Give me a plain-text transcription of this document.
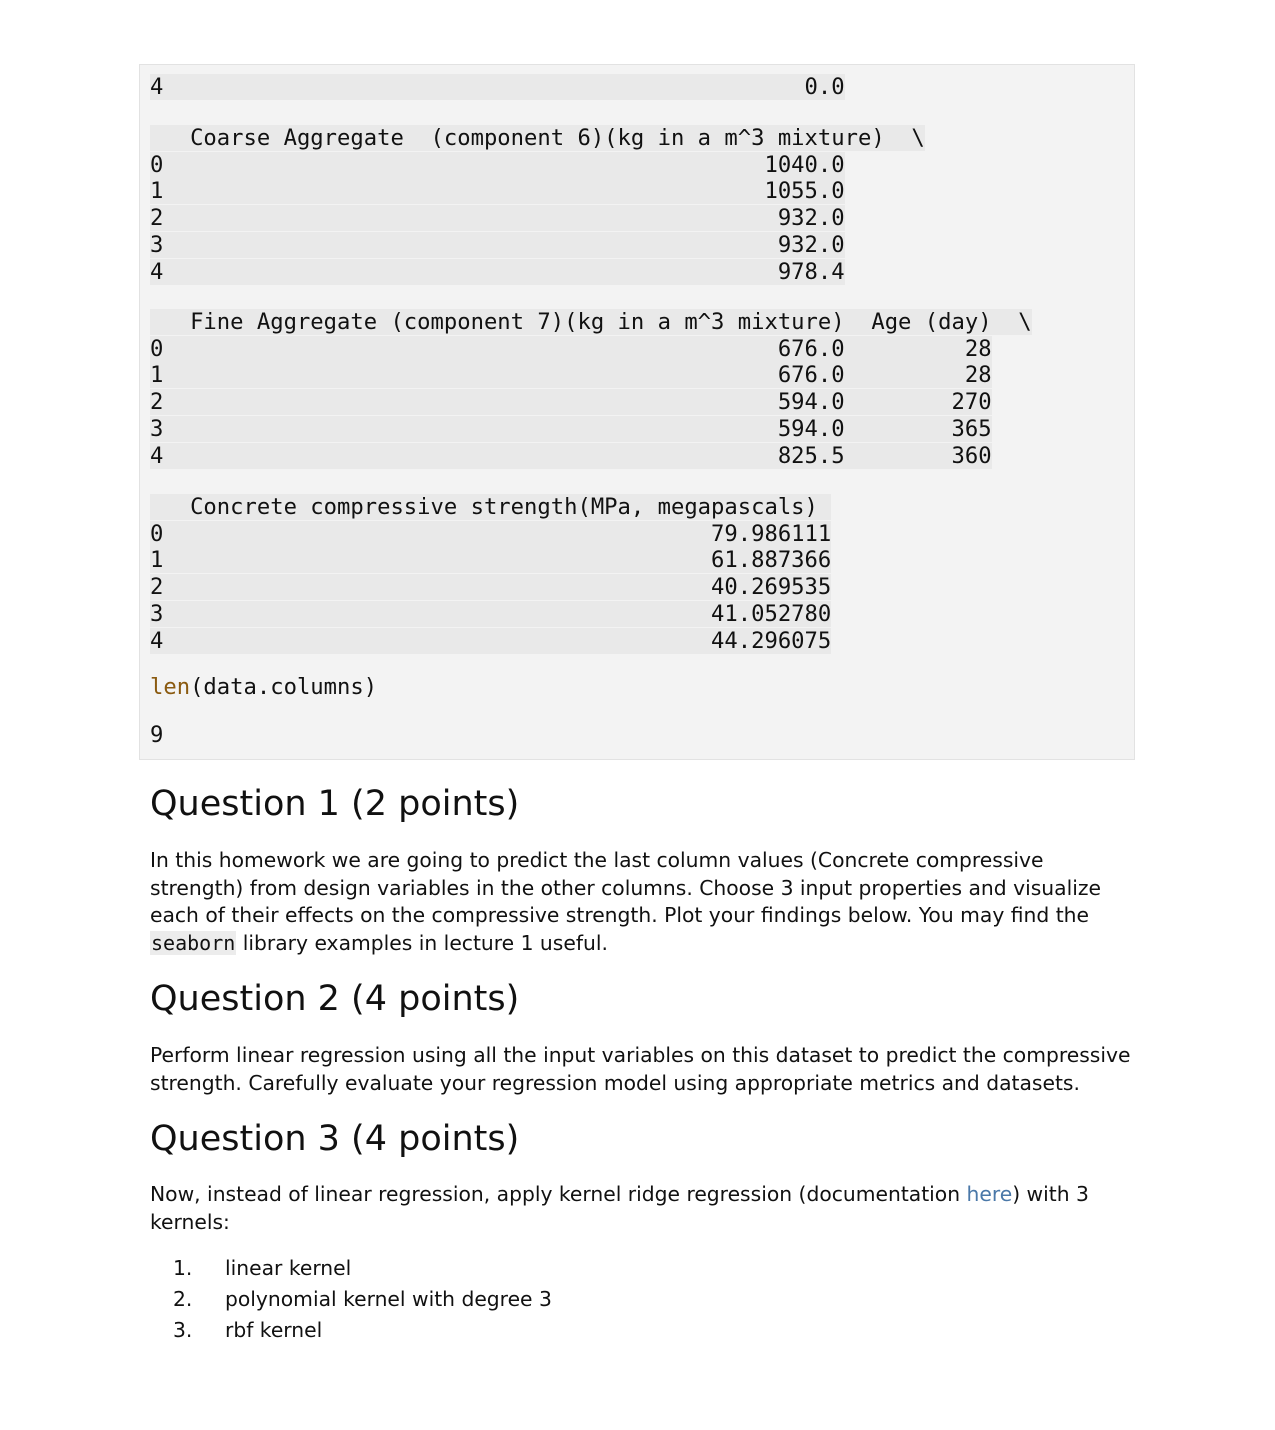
4                                                0.0
Coarse Aggregate  (component 6)(kg in a m^3 mixture)  \
0                                             1040.0
1                                             1055.0
2                                              932.0
3                                              932.0
4                                              978.4
Fine Aggregate (component 7)(kg in a m^3 mixture)  Age (day)  \
0                                              676.0         28
1                                              676.0         28
2                                              594.0        270
3                                              594.0        365
4                                              825.5        360
Concrete compressive strength(MPa, megapascals)
0                                         79.986111
1                                         61.887366
2                                         40.269535
3                                         41.052780
4                                         44.296075
len(data.columns)
9
Question 1 (2 points)

In this homework we are going to predict the last column values (Concrete compressive strength) from design variables in the other columns. Choose 3 input properties and visualize each of their effects on the compressive strength. Plot your findings below. You may find the seaborn library examples in lecture 1 useful.

Question 2 (4 points)

Perform linear regression using all the input variables on this dataset to predict the compressive strength. Carefully evaluate your regression model using appropriate metrics and datasets.

Question 3 (4 points)

Now, instead of linear regression, apply kernel ridge regression (documentation here) with 3 kernels:

1. linear kernel
2. polynomial kernel with degree 3
3. rbf kernel
